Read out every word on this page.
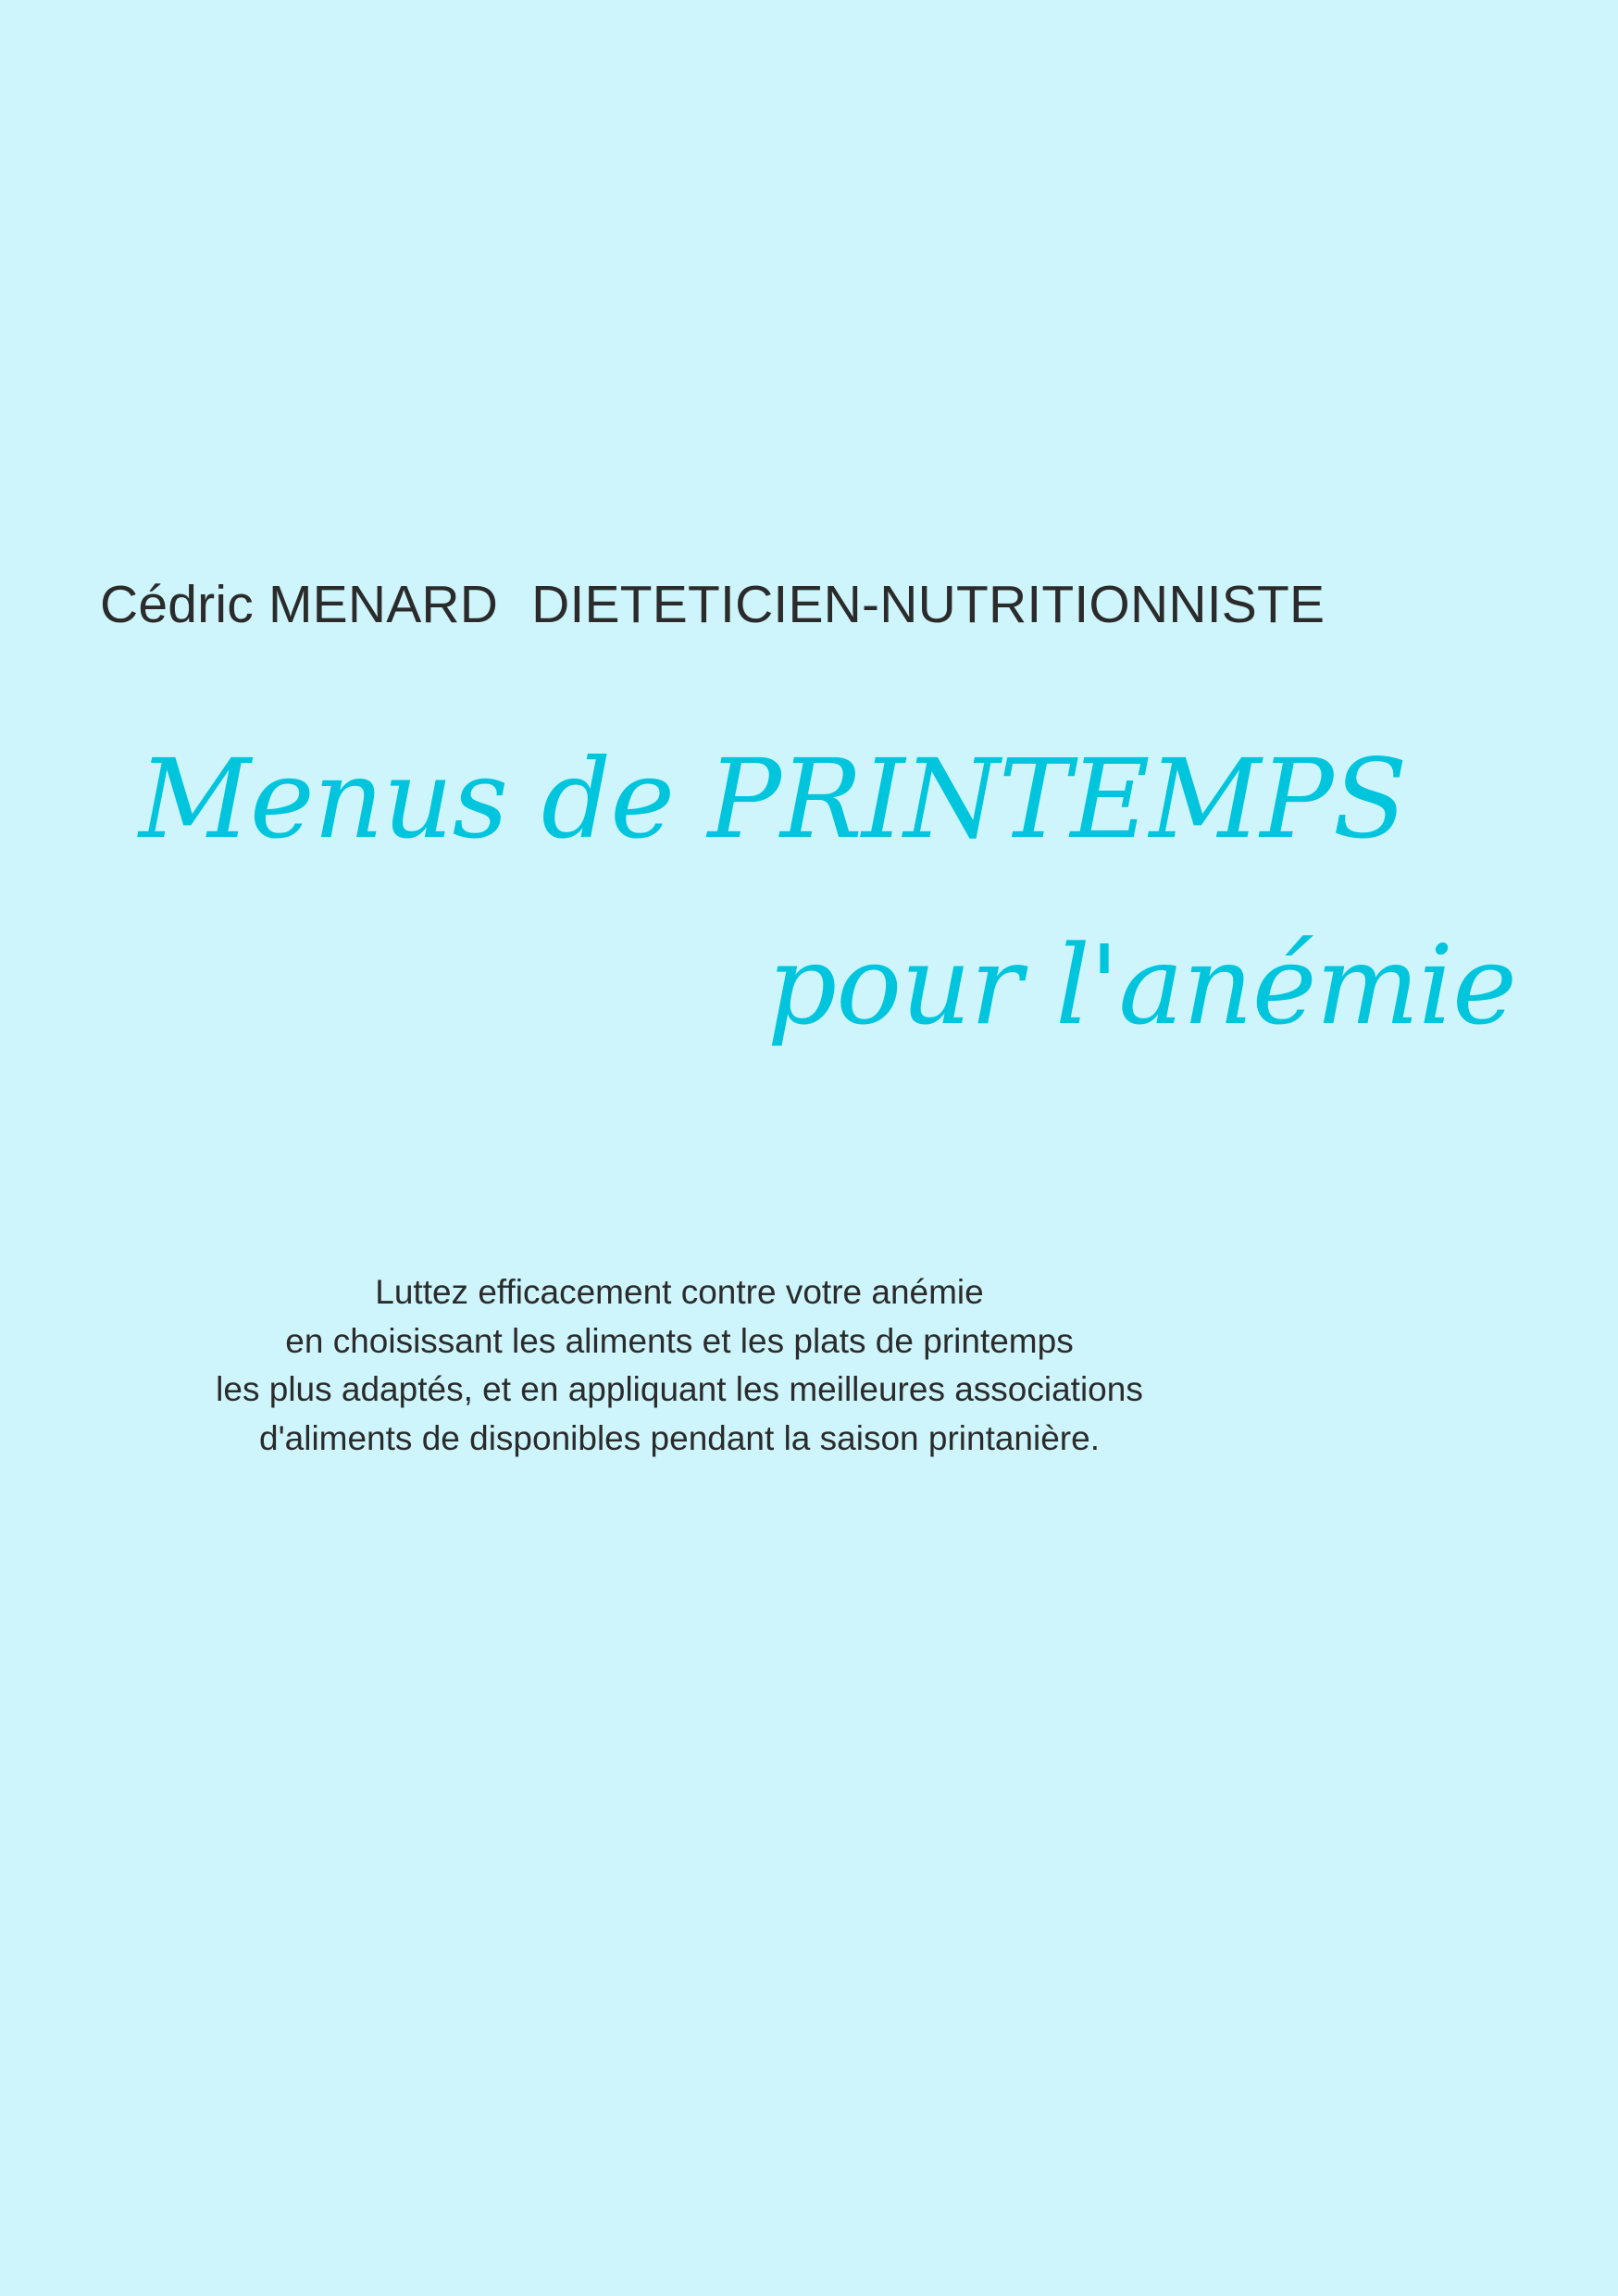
Cédric MENARD DIETETICIEN-NUTRITIONNISTE
Menus de PRINTEMPS
pour l'anémie
Luttez efficacement contre votre anémie
en choisissant les aliments et les plats de printemps
les plus adaptés, et en appliquant les meilleures associations
d'aliments de disponibles pendant la saison printanière.
